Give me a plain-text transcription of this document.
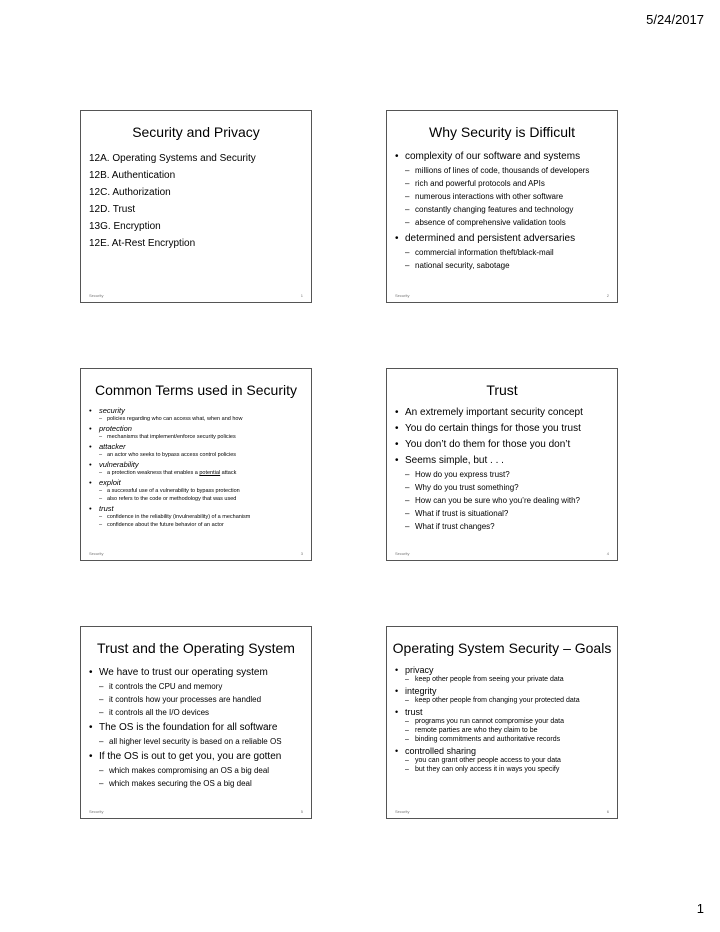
5/24/2017
Security and Privacy
12A. Operating Systems and Security
12B. Authentication
12C. Authorization
12D. Trust
13G. Encryption
12E. At-Rest Encryption
Security	1
Why Security is Difficult
• complexity of our software and systems
– millions of lines of code, thousands of developers
– rich and powerful protocols and APIs
– numerous interactions with other software
– constantly changing features and technology
– absence of comprehensive validation tools
• determined and persistent adversaries
– commercial information theft/black-mail
– national security, sabotage
Security	2
Common Terms used in Security
• security
– policies regarding who can access what, when and how
• protection
– mechanisms that implement/enforce security policies
• attacker
– an actor who seeks to bypass access control policies
• vulnerability
– a protection weakness that enables a potential attack
• exploit
– a successful use of a vulnerability to bypass protection
– also refers to the code or methodology that was used
• trust
– confidence in the reliability (invulnerability) of a mechanism
– confidence about the future behavior of an actor
Security	3
Trust
• An extremely important security concept
• You do certain things for those you trust
• You don’t do them for those you don’t
• Seems simple, but . . .
– How do you express trust?
– Why do you trust something?
– How can you be sure who you’re dealing with?
– What if trust is situational?
– What if trust changes?
Security	4
Trust and the Operating System
• We have to trust our operating system
– it controls the CPU and memory
– it controls how your processes are handled
– it controls all the I/O devices
• The OS is the foundation for all software
– all higher level security is based on a reliable OS
• If the OS is out to get you, you are gotten
– which makes compromising an OS a big deal
– which makes securing the OS a big deal
Security	5
Operating System Security – Goals
• privacy
– keep other people from seeing your private data
• integrity
– keep other people from changing your protected data
• trust
– programs you run cannot compromise your data
– remote parties are who they claim to be
– binding commitments and authoritative records
• controlled sharing
– you can grant other people access to your data
– but they can only access it in ways you specify
Security	6
1
